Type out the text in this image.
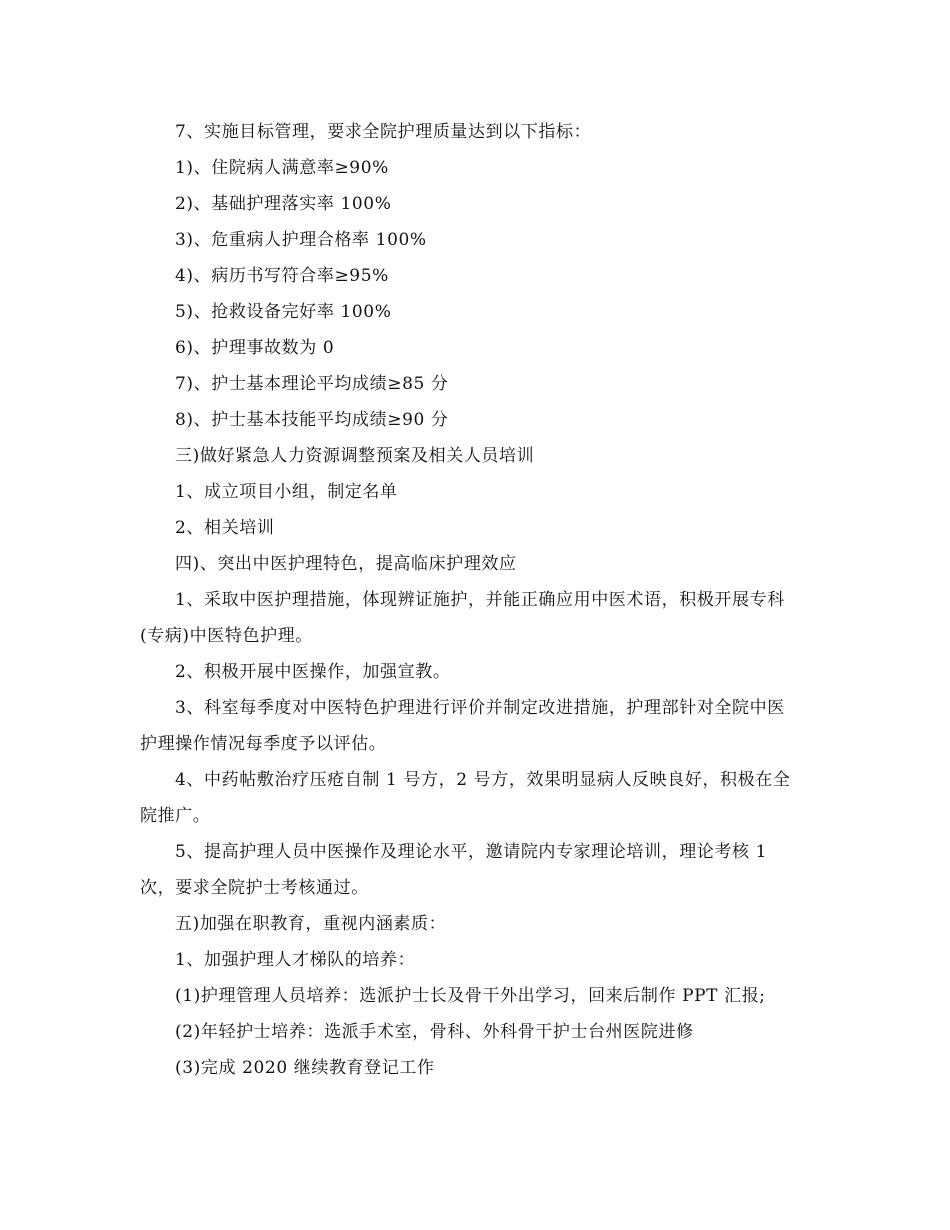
7、实施目标管理，要求全院护理质量达到以下指标：

1)、住院病人满意率≥90%

2)、基础护理落实率 100%

3)、危重病人护理合格率 100%

4)、病历书写符合率≥95%

5)、抢救设备完好率 100%

6)、护理事故数为 0

7)、护士基本理论平均成绩≥85 分

8)、护士基本技能平均成绩≥90 分

三)做好紧急人力资源调整预案及相关人员培训

1、成立项目小组，制定名单

2、相关培训

四)、突出中医护理特色，提高临床护理效应

1、采取中医护理措施，体现辨证施护，并能正确应用中医术语，积极开展专科(专病)中医特色护理。

2、积极开展中医操作，加强宣教。

3、科室每季度对中医特色护理进行评价并制定改进措施，护理部针对全院中医护理操作情况每季度予以评估。

4、中药帖敷治疗压疮自制 1 号方，2 号方，效果明显病人反映良好，积极在全院推广。

5、提高护理人员中医操作及理论水平，邀请院内专家理论培训，理论考核 1 次，要求全院护士考核通过。

五)加强在职教育，重视内涵素质：

1、加强护理人才梯队的培养：

(1)护理管理人员培养：选派护士长及骨干外出学习，回来后制作 PPT 汇报;

(2)年轻护士培养：选派手术室，骨科、外科骨干护士台州医院进修

(3)完成 2020 继续教育登记工作
